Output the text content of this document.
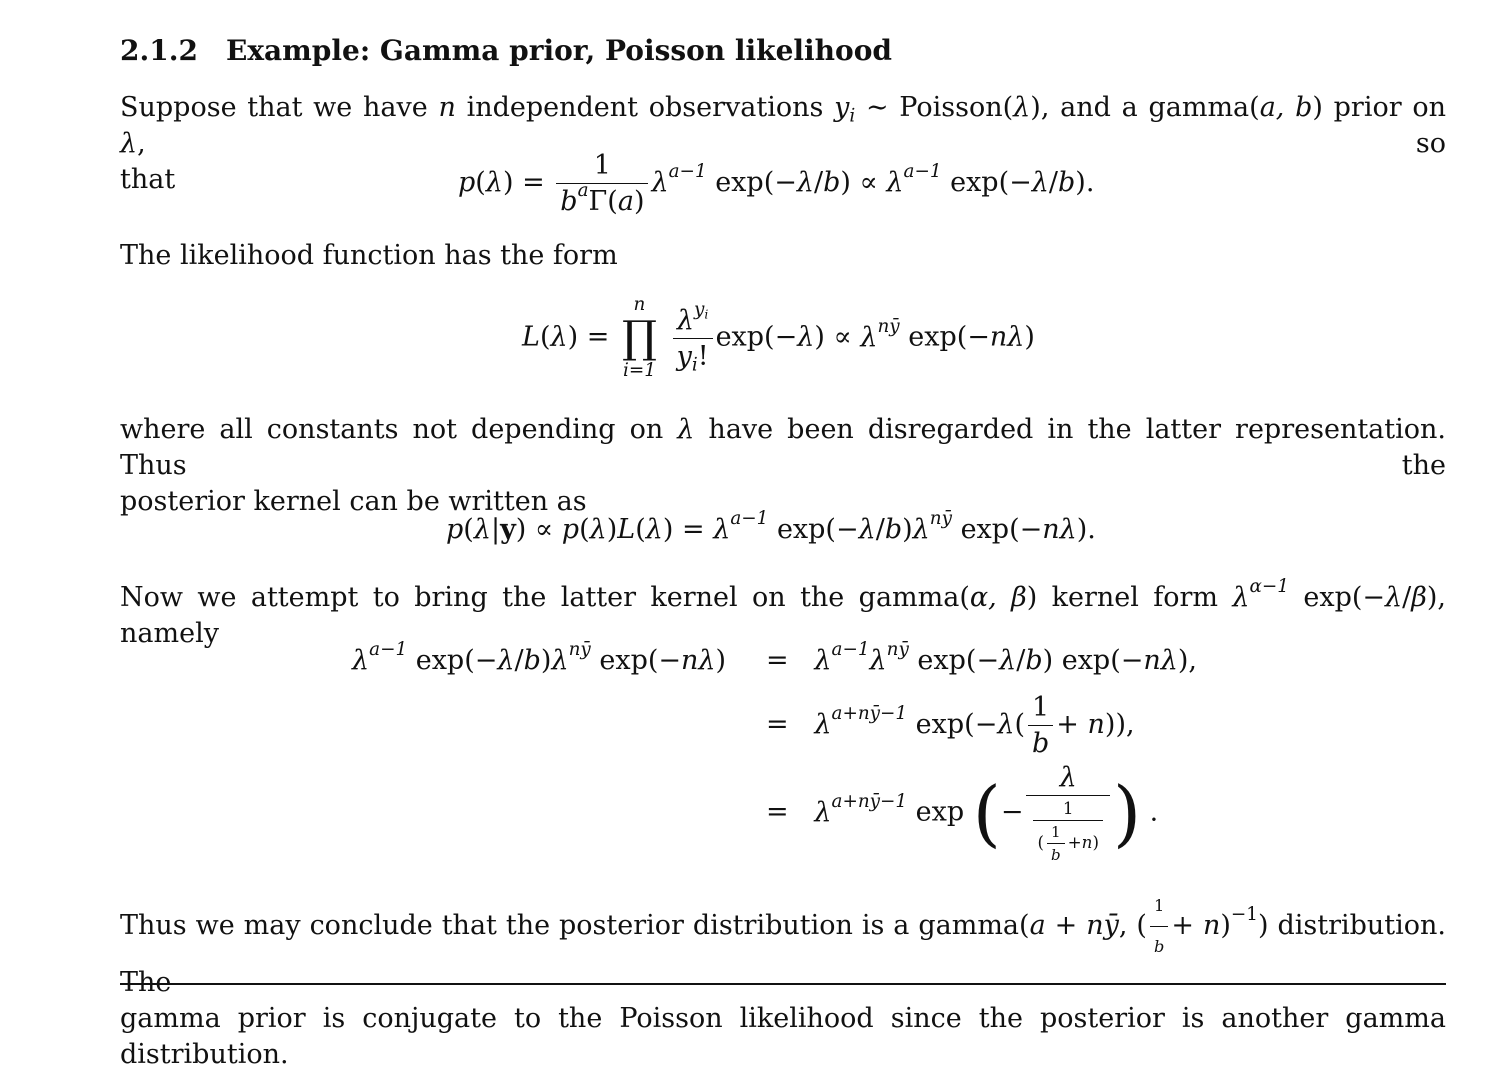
2.1.2 Example: Gamma prior, Poisson likelihood
Suppose that we have n independent observations $y_i$ ∼ Poisson(λ), and a gamma(a, b) prior on λ, so
that	$p(\lambda) = \frac{1}{b^a\Gamma(a)} \lambda^{a-1}$ $\exp(-\lambda/b) \propto \lambda^{a-1}$ exp(−λ/b).
The likelihood function has the form
L(λ) =
n
∏
i=1
$\frac{\lambda^{y_i}}{y_i!} \exp(-\lambda) \propto \lambda^{nȳ}$ exp(−nλ)
where all constants not depending on λ have been disregarded in the latter representation. Thus the
posterior kernel can be written as
$p(\lambda|y) \propto p(\lambda)L(\lambda) = \lambda^{a-1}$ $\exp(-\lambda/b)\lambda^{nȳ}$ exp(−nλ).
Now we attempt to bring the latter kernel on the gamma(α, β) kernel form $\lambda^{\alpha-1}$ exp(−λ/β), namely
$\lambda^{a-1}$ $\exp(-\lambda/b)\lambda^{nȳ}$ $\exp(-n\lambda) = \lambda^{a-1}\lambda^{nȳ}$ exp(−λ/b) exp(−nλ),
=   $\lambda^{a+nȳ-1}$ $\exp(-\lambda( \frac{1}{b} + n))$,
=   $\lambda^{a+nȳ-1}$ exp (− $\frac{\lambda}{\frac{1}{( \frac{1}{b} +n)}}$ ) .
Thus we may conclude that the posterior distribution is a gamma(a + nȳ, ( $\frac{1}{b} + n)^{-1}$) distribution. The
gamma prior is conjugate to the Poisson likelihood since the posterior is another gamma distribution.
